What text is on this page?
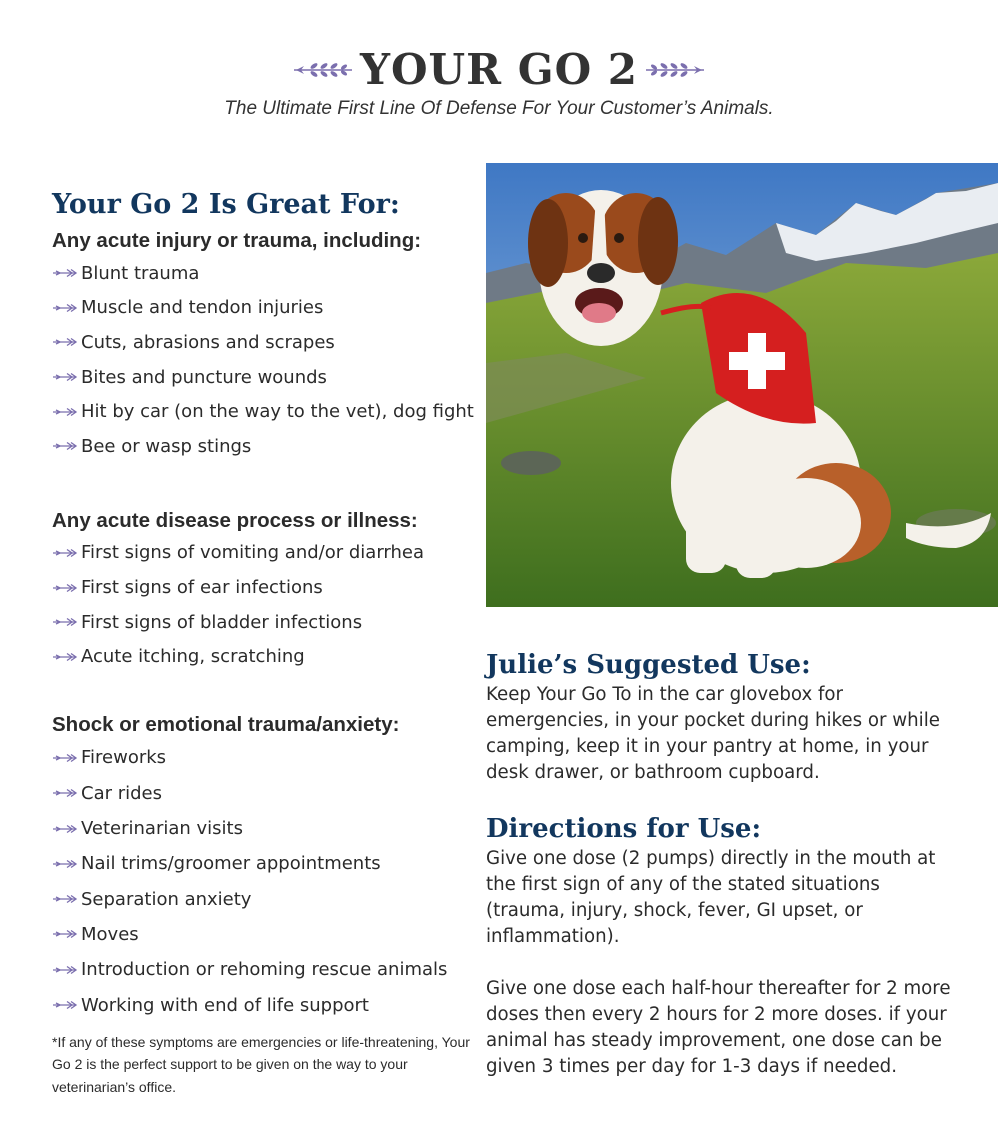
YOUR GO 2
The Ultimate First Line Of Defense For Your Customer’s Animals.
Your Go 2 Is Great For:
Any acute injury or trauma, including:
Blunt trauma
Muscle and tendon injuries
Cuts, abrasions and scrapes
Bites and puncture wounds
Hit by car (on the way to the vet), dog fight
Bee or wasp stings
Any acute disease process or illness:
First signs of vomiting and/or diarrhea
First signs of ear infections
First signs of bladder infections
Acute itching, scratching
Shock or emotional trauma/anxiety:
Fireworks
Car rides
Veterinarian visits
Nail trims/groomer appointments
Separation anxiety
Moves
Introduction or rehoming rescue animals
Working with end of life support
*If any of these symptoms are emergencies or life-threatening, Your Go 2 is the perfect support to be given on the way to your veterinarian’s office.
Julie’s Suggested Use:

Keep Your Go To in the car glovebox for emergencies, in your pocket during hikes or while camping, keep it in your pantry at home, in your desk drawer, or bathroom cupboard.

Directions for Use:

Give one dose (2 pumps) directly in the mouth at the first sign of any of the stated situations (trauma, injury, shock, fever, GI upset, or inflammation).

Give one dose each half-hour thereafter for 2 more doses then every 2 hours for 2 more doses. if your animal has steady improvement, one dose can be given 3 times per day for 1-3 days if needed.
